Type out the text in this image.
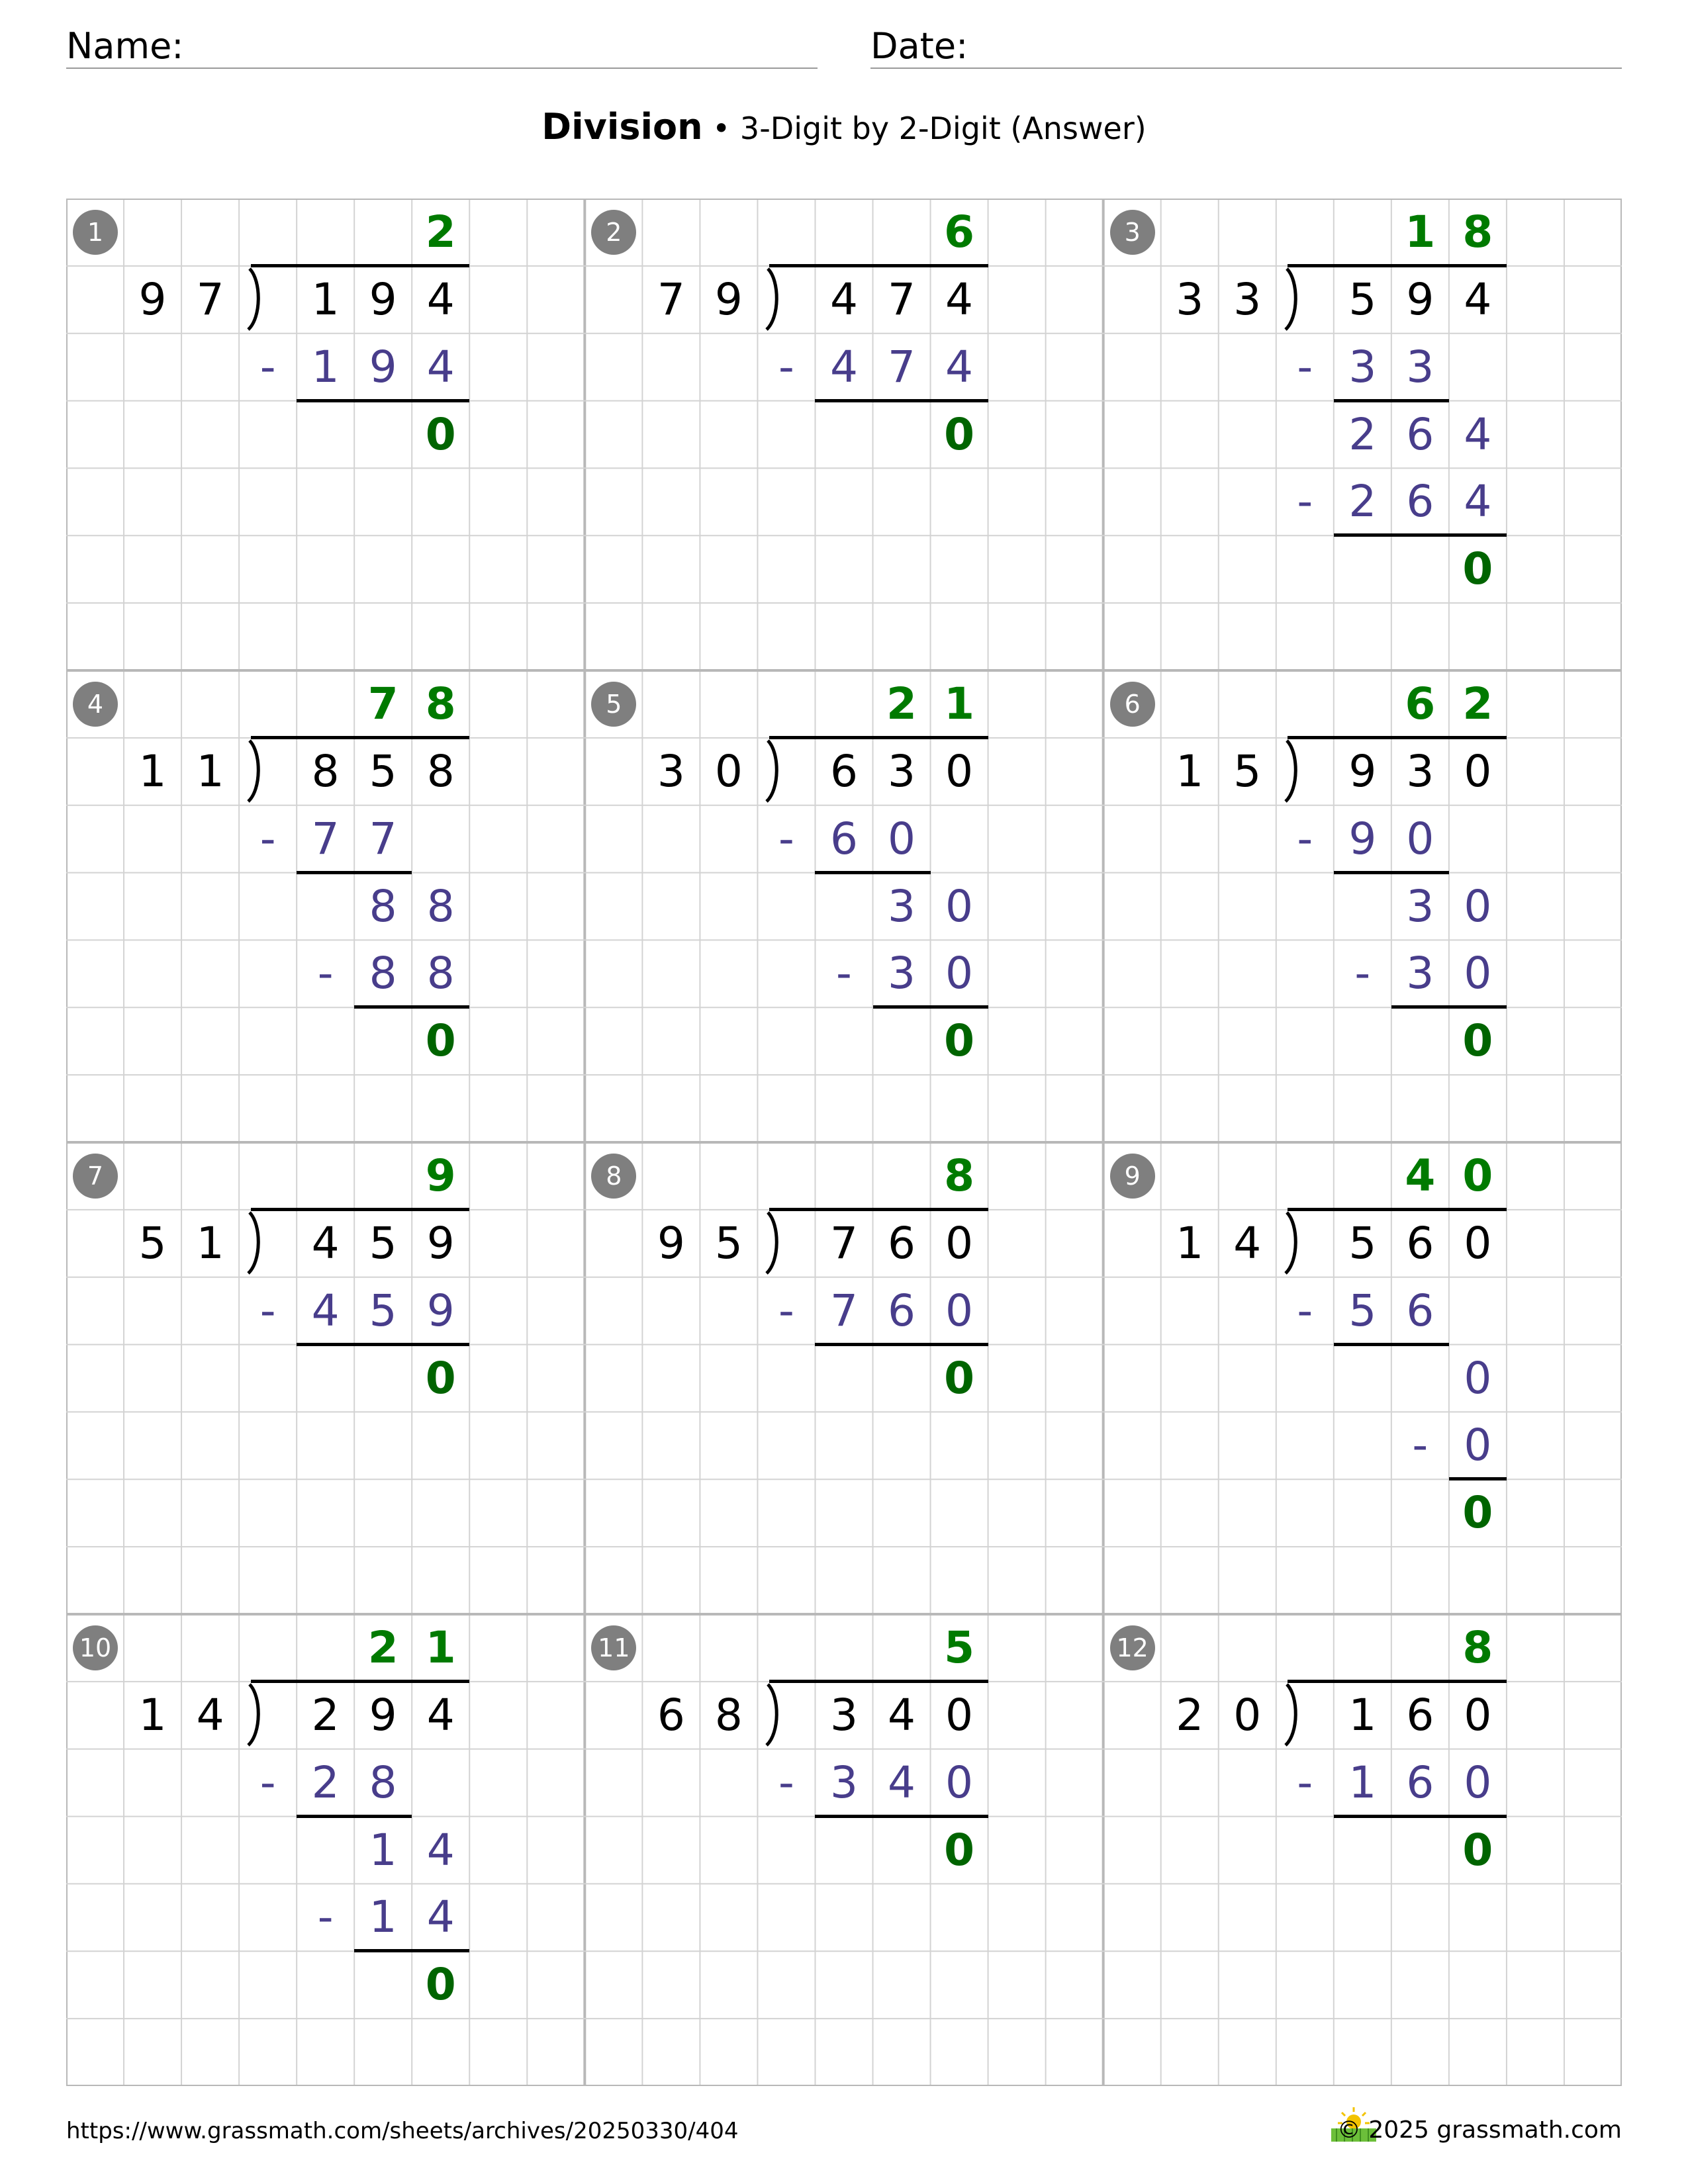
Name:	Date:
Division • 3-Digit by 2-Digit (Answer)
1	2
9 7	1 9 4
- 1 9 4
0
2	6
7 9	4 7 4
- 4 7 4
0
3	1 8
3 3	5 9 4
- 3 3
2 6 4
- 2 6 4
0
4	7 8
1 1	8 5 8
- 7 7
8 8
- 8 8
0
5	2 1
3 0	6 3 0
- 6 0
3 0
- 3 0
0
6	6 2
1 5	9 3 0
- 9 0
3 0
- 3 0
0
7	9
5 1	4 5 9
- 4 5 9
0
8	8
9 5	7 6 0
- 7 6 0
0
9	4 0
1 4	5 6 0
- 5 6
0
- 0
0
10	2 1
1 4	2 9 4
- 2 8
1 4
- 1 4
0
11	5
6 8	3 4 0
- 3 4 0
0
12	8
2 0	1 6 0
- 1 6 0
0
https://www.grassmath.com/sheets/archives/20250330/404	© 2025 grassmath.com
